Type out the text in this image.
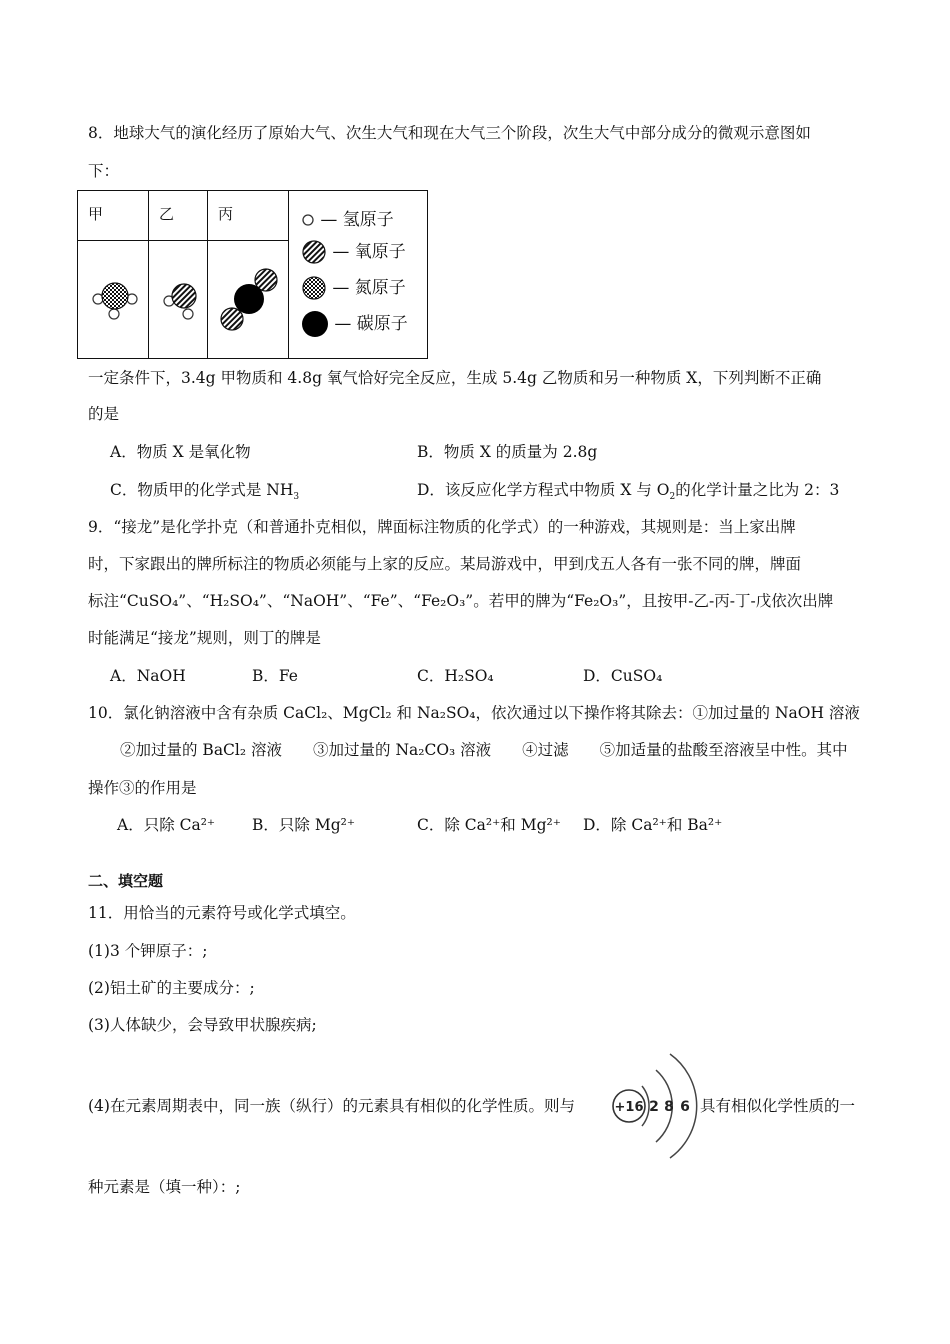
8．地球大气的演化经历了原始大气、次生大气和现在大气三个阶段，次生大气中部分成分的微观示意图如
下：
甲	乙	丙	— 氢原子
— 氧原子
— 氮原子
— 碳原子

一定条件下，3.4g 甲物质和 4.8g 氧气恰好完全反应，生成 5.4g 乙物质和另一种物质 X，下列判断不正确
的是
A．物质 X 是氧化物	B．物质 X 的质量为 2.8g
C．物质甲的化学式是 $NH_3$	D．该反应化学方程式中物质 X 与 $O_2$的化学计量之比为 2：3
9．“接龙”是化学扑克（和普通扑克相似，牌面标注物质的化学式）的一种游戏，其规则是：当上家出牌
时，下家跟出的牌所标注的物质必须能与上家的反应。某局游戏中，甲到戊五人各有一张不同的牌，牌面
标注“CuSO₄”、“H₂SO₄”、“NaOH”、“Fe”、“Fe₂O₃”。若甲的牌为“Fe₂O₃”，且按甲-乙-丙-丁-戊依次出牌
时能满足“接龙”规则，则丁的牌是
A．NaOH	B．Fe	C．H₂SO₄	D．CuSO₄
10．氯化钠溶液中含有杂质 CaCl₂、MgCl₂ 和 Na₂SO₄，依次通过以下操作将其除去：①加过量的 NaOH 溶液
②加过量的 BaCl₂ 溶液　　③加过量的 Na₂CO₃ 溶液　　④过滤　　⑤加适量的盐酸至溶液呈中性。其中
操作③的作用是
A．只除 Ca²⁺ B．只除 Mg²⁺	C．除 Ca²⁺和 Mg²⁺ D．除 Ca²⁺和 Ba²⁺
二、填空题
11．用恰当的元素符号或化学式填空。
(1)3 个钾原子：;
(2)铝土矿的主要成分：;
(3)人体缺少，会导致甲状腺疾病;
(4)在元素周期表中，同一族（纵行）的元素具有相似的化学性质。则与	+16 2 8 6 具有相似化学性质的一
种元素是（填一种）：;
